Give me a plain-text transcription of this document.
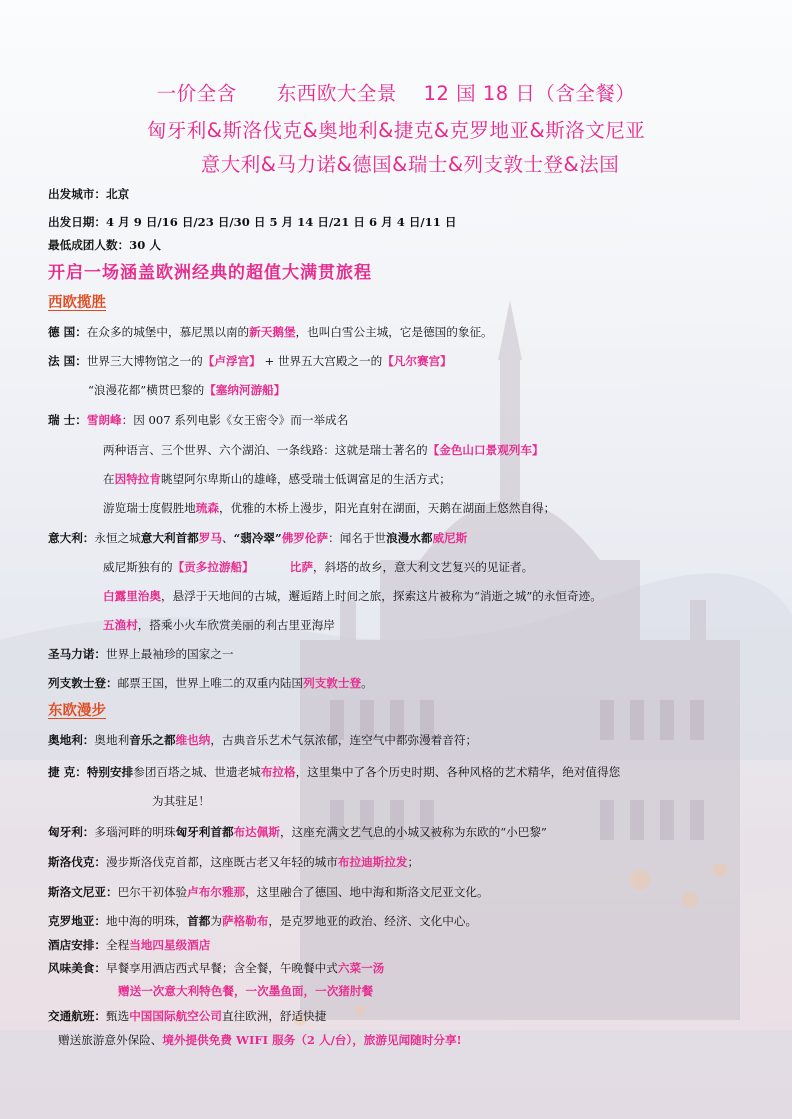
一价全含      东西欧大全景    12 国 18 日（含全餐）
匈牙利&斯洛伐克&奥地利&捷克&克罗地亚&斯洛文尼亚
意大利&马力诺&德国&瑞士&列支敦士登&法国
出发城市：北京
出发日期：4 月 9 日/16 日/23 日/30 日 5 月 14 日/21 日 6 月 4 日/11 日
最低成团人数：30 人
开启一场涵盖欧洲经典的超值大满贯旅程
西欧揽胜
德 国：在众多的城堡中，慕尼黑以南的新天鹅堡，也叫白雪公主城，它是德国的象征。
法 国：世界三大博物馆之一的【卢浮宫】 + 世界五大宫殿之一的【凡尔赛宫】
“浪漫花都”横贯巴黎的【塞纳河游船】
瑞 士：雪朗峰：因 007 系列电影《女王密令》而一举成名
两种语言、三个世界、六个湖泊、一条线路：这就是瑞士著名的【金色山口景观列车】
在因特拉肯眺望阿尔卑斯山的雄峰，感受瑞士低调富足的生活方式；
游览瑞士度假胜地琉森，优雅的木桥上漫步，阳光直射在湖面，天鹅在湖面上悠然自得；
意大利：永恒之城意大利首都罗马、“翡冷翠”佛罗伦萨：闻名于世浪漫水都威尼斯
威尼斯独有的【贡多拉游船】	比萨，斜塔的故乡，意大利文艺复兴的见证者。
白露里治奥，悬浮于天地间的古城，邂逅踏上时间之旅，探索这片被称为“消逝之城”的永恒奇迹。
五渔村，搭乘小火车欣赏美丽的利古里亚海岸
圣马力诺：世界上最袖珍的国家之一
列支敦士登：邮票王国，世界上唯二的双重内陆国列支敦士登。
东欧漫步
奥地利：奥地利音乐之都维也纳，古典音乐艺术气氛浓郁，连空气中都弥漫着音符；
捷 克：特别安排参团百塔之城、世遗老城布拉格，这里集中了各个历史时期、各种风格的艺术精华，绝对值得您
为其驻足！
匈牙利：多瑙河畔的明珠匈牙利首都布达佩斯，这座充满文艺气息的小城又被称为东欧的“小巴黎”
斯洛伐克：漫步斯洛伐克首都，这座既古老又年轻的城市布拉迪斯拉发；
斯洛文尼亚：巴尔干初体验卢布尔雅那，这里融合了德国、地中海和斯洛文尼亚文化。
克罗地亚：地中海的明珠，首都为萨格勒布，是克罗地亚的政治、经济、文化中心。
酒店安排：全程当地四星级酒店
风味美食：早餐享用酒店西式早餐；含全餐，午晚餐中式六菜一汤
赠送一次意大利特色餐，一次墨鱼面，一次猪肘餐
交通航班：甄选中国国际航空公司直往欧洲，舒适快捷
赠送旅游意外保险、境外提供免费 WIFI 服务（2 人/台），旅游见闻随时分享!
